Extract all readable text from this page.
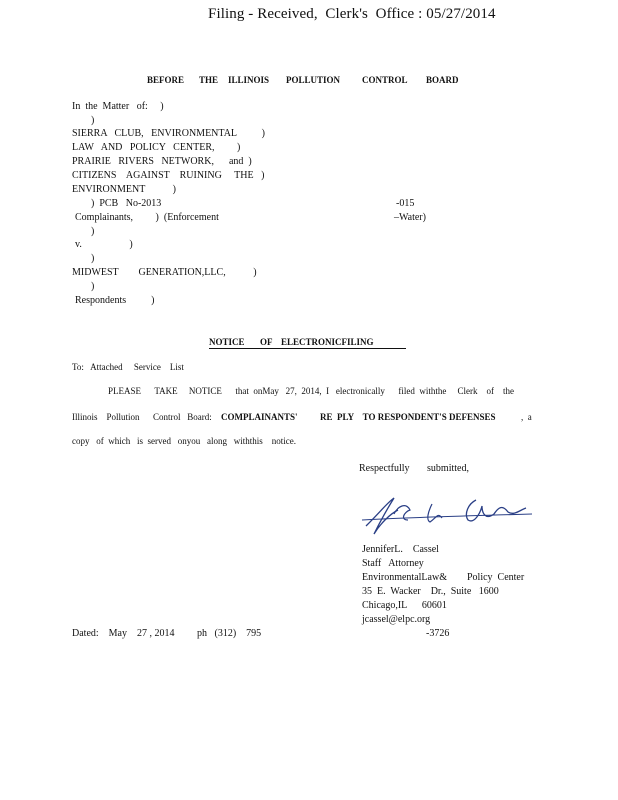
Filing - Received,  Clerk's  Office : 05/27/2014
BEFORE THE ILLINOIS POLLUTION CONTROL BOARD
In  the  Matter   of:     )
)
SIERRA   CLUB,   ENVIRONMENTAL          )
LAW   AND   POLICY   CENTER,         )
PRAIRIE   RIVERS   NETWORK,      and  )
CITIZENS    AGAINST    RUINING     THE   )
ENVIRONMENT           )
)  PCB   No-2013	-015
Complainants,         )  (Enforcement	–Water)
)
v.                   )
)
MIDWEST        GENERATION,LLC,           )
)
Respondents          )
NOTICE OF ELECTRONICFILING
To:   Attached     Service    List
PLEASE      TAKE     NOTICE      that  onMay   27,  2014,  I   electronically      filed  withthe     Clerk    of    the
Illinois    Pollution      Control   Board: COMPLAINANTS'          RE  PLY    TO RESPONDENT'S DEFENSES	,  a
copy   of  which   is  served   onyou   along   withthis    notice.
Respectfully       submitted,
JenniferL.    Cassel
Staff   Attorney
EnvironmentalLaw&        Policy  Center
35  E.  Wacker    Dr.,  Suite   1600
Chicago,IL      60601
jcassel@elpc.org
-3726
Dated:    May    27 , 2014         ph   (312)    795
